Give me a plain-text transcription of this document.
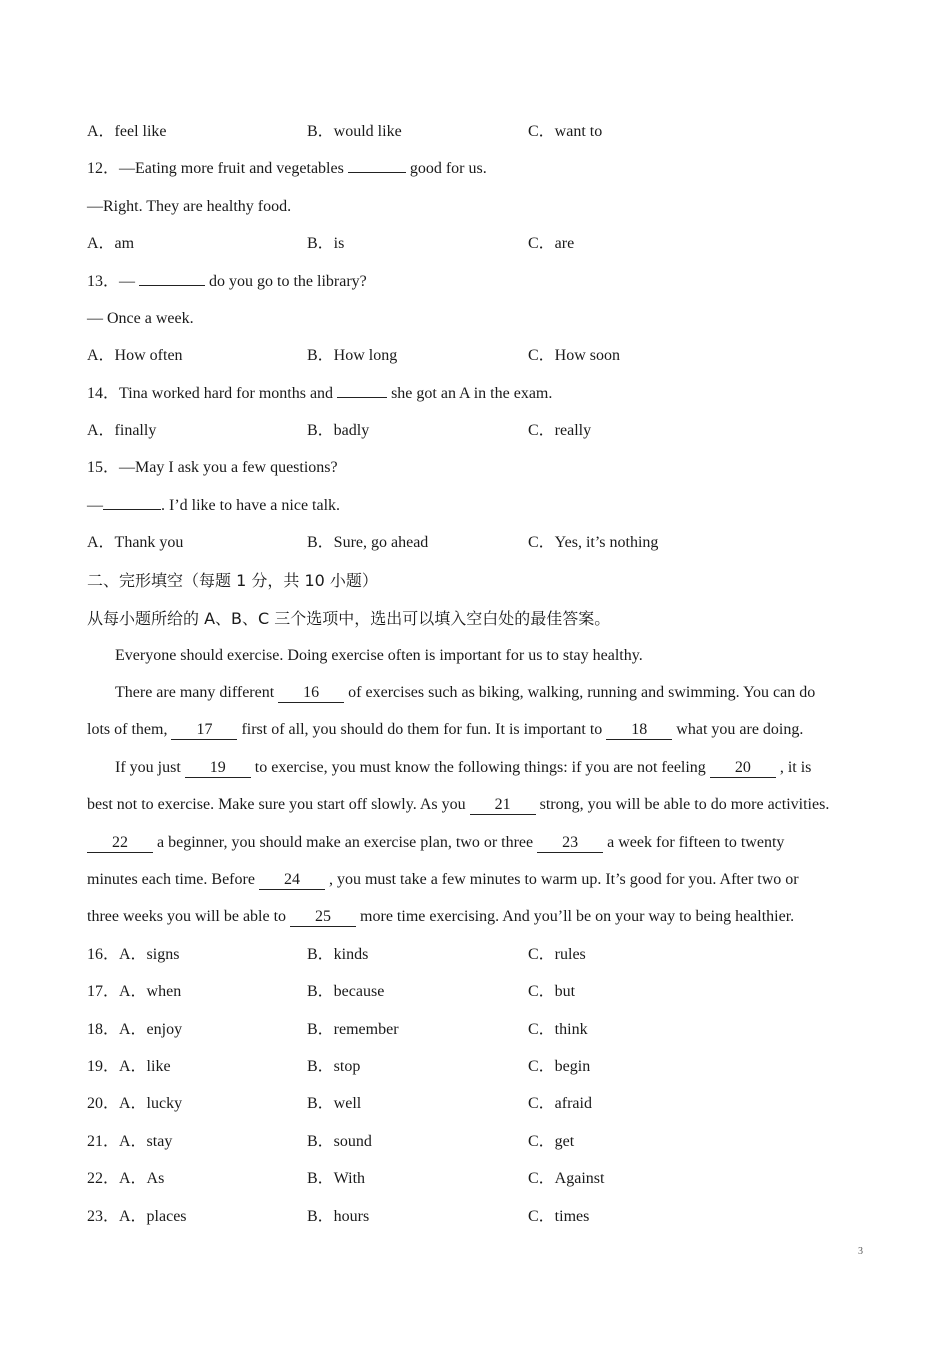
A．feel like	B．would like	C．want to
12．—Eating more fruit and vegetables	good for us.
—Right. They are healthy food.
A．am	B．is	C．are
13．—	do you go to the library?
— Once a week.
A．How often	B．How long	C．How soon
14．Tina worked hard for months and	she got an A in the exam.
A．finally	B．badly	C．really
15．—May I ask you a few questions?
—	. I’d like to have a nice talk.
A．Thank you	B．Sure, go ahead	C．Yes, it’s nothing
二、完形填空（每题 1 分，共 10 小题）
从每小题所给的 A、B、C 三个选项中，选出可以填入空白处的最佳答案。
Everyone should exercise. Doing exercise often is important for us to stay healthy.
There are many different 16 of exercises such as biking, walking, running and swimming. You can do
lots of them, 17 first of all, you should do them for fun. It is important to 18 what you are doing.
If you just 19 to exercise, you must know the following things: if you are not feeling 20 , it is
best not to exercise. Make sure you start off slowly. As you 21 strong, you will be able to do more activities.
22 a beginner, you should make an exercise plan, two or three 23 a week for fifteen to twenty
minutes each time. Before 24 , you must take a few minutes to warm up. It’s good for you. After two or
three weeks you will be able to 25 more time exercising. And you’ll be on your way to being healthier.
16．A．signs	B．kinds	C．rules
17．A．when	B．because	C．but
18．A．enjoy	B．remember	C．think
19．A．like	B．stop	C．begin
20．A．lucky	B．well	C．afraid
21．A．stay	B．sound	C．get
22．A．As	B．With	C．Against
23．A．places	B．hours	C．times
3
